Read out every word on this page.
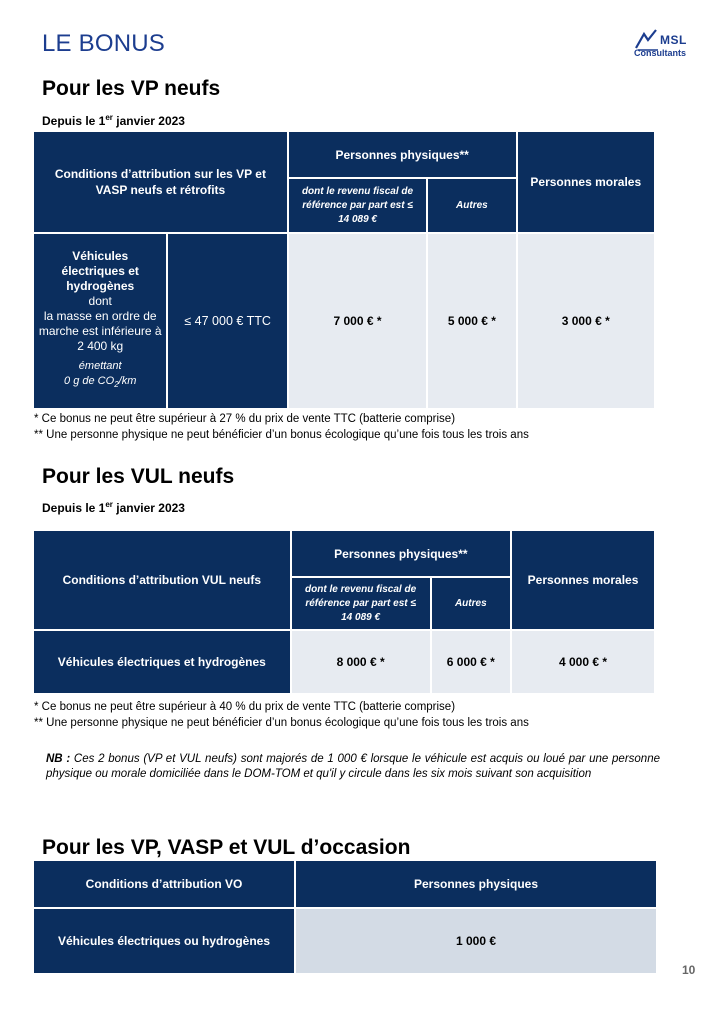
LE BONUS	MSL
Consultants
Pour les VP neufs
Depuis le 1er janvier 2023
Conditions d’attribution sur les VP et VASP neufs et rétrofits		Personnes physiques**		Personnes morales
		dont le revenu fiscal de référence par part est ≤ 14 089 €	Autres	

Véhicules électriques et hydrogènes
dont
la masse en ordre de marche est inférieure à 2 400 kg
émettant
0 g de $CO_2/km$	≤ 47 000 € TTC	7 000 € *	5 000 € *	3 000 € *
* Ce bonus ne peut être supérieur à 27 % du prix de vente TTC (batterie comprise)
** Une personne physique ne peut bénéficier d’un bonus écologique qu’une fois tous les trois ans
Pour les VUL neufs
Depuis le 1er janvier 2023
Conditions d’attribution VUL neufs	Personnes physiques**		Personnes morales
	dont le revenu fiscal de référence par part est ≤ 14 089 €	Autres	
Véhicules électriques et hydrogènes	8 000 € *	6 000 € *	4 000 € *
* Ce bonus ne peut être supérieur à 40 % du prix de vente TTC (batterie comprise)
** Une personne physique ne peut bénéficier d’un bonus écologique qu’une fois tous les trois ans
NB : Ces 2 bonus (VP et VUL neufs) sont majorés de 1 000 € lorsque le véhicule est acquis ou loué par une personne physique ou morale domiciliée dans le DOM-TOM et qu'il y circule dans les six mois suivant son acquisition
Pour les VP, VASP et VUL d’occasion
Conditions d’attribution VO	Personnes physiques
Véhicules électriques ou hydrogènes	1 000 €
10
